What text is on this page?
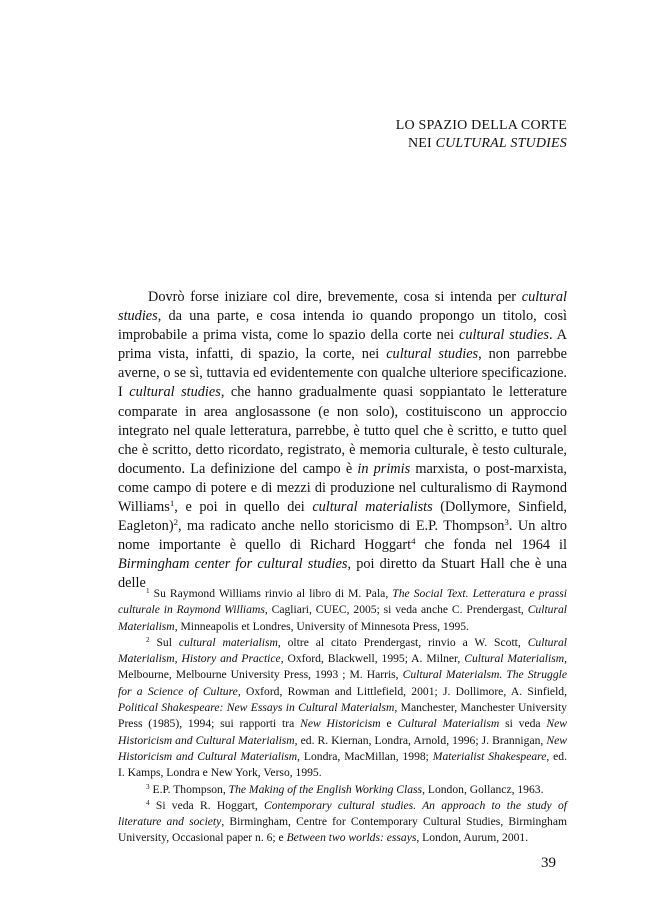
LO SPAZIO DELLA CORTE
NEI CULTURAL STUDIES

Dovrò forse iniziare col dire, brevemente, cosa si intenda per cultural studies, da una parte, e cosa intenda io quando propongo un titolo, così improbabile a prima vista, come lo spazio della corte nei cultural studies. A prima vista, infatti, di spazio, la corte, nei cultural studies, non parrebbe averne, o se sì, tuttavia ed evidentemente con qualche ulteriore specificazione. I cultural studies, che hanno gradualmente quasi soppiantato le letterature comparate in area anglosassone (e non solo), costituiscono un approccio integrato nel quale letteratura, parrebbe, è tutto quel che è scritto, e tutto quel che è scritto, detto ricordato, registrato, è memoria culturale, è testo culturale, documento. La definizione del campo è in primis marxista, o post-marxista, come campo di potere e di mezzi di produzione nel culturalismo di Raymond Williams$^1$, e poi in quello dei cultural materialists (Dollymore, Sinfield, Eagleton)$^2$, ma radicato anche nello storicismo di E.P. Thompson$^3$. Un altro nome importante è quello di Richard Hoggart$^4$ che fonda nel 1964 il Birmingham center for cultural studies, poi diretto da Stuart Hall che è una delle $^1$ Su Raymond Williams rinvio al libro di M. Pala, The Social Text. Letteratura e prassi culturale in Raymond Williams, Cagliari, CUEC, 2005; si veda anche C. Prendergast, Cultural Materialism, Minneapolis et Londres, University of Minnesota Press, 1995.

$^2$ Sul cultural materialism, oltre al citato Prendergast, rinvio a W. Scott, Cultural Materialism, History and Practice, Oxford, Blackwell, 1995; A. Milner, Cultural Materialism, Melbourne, Melbourne University Press, 1993 ; M. Harris, Cultural Materialsm. The Struggle for a Science of Culture, Oxford, Rowman and Littlefield, 2001; J. Dollimore, A. Sinfield, Political Shakespeare: New Essays in Cultural Materialsm, Manchester, Manchester University Press (1985), 1994; sui rapporti tra New Historicism e Cultural Materialism si veda New Historicism and Cultural Materialism, ed. R. Kiernan, Londra, Arnold, 1996; J. Brannigan, New Historicism and Cultural Materialism, Londra, MacMillan, 1998; Materialist Shakespeare, ed. I. Kamps, Londra e New York, Verso, 1995.

$^3$ E.P. Thompson, The Making of the English Working Class, London, Gollancz, 1963.

$^4$ Si veda R. Hoggart, Contemporary cultural studies. An approach to the study of literature and society, Birmingham, Centre for Contemporary Cultural Studies, Birmingham University, Occasional paper n. 6; e Between two worlds: essays, London, Aurum, 2001.

39
